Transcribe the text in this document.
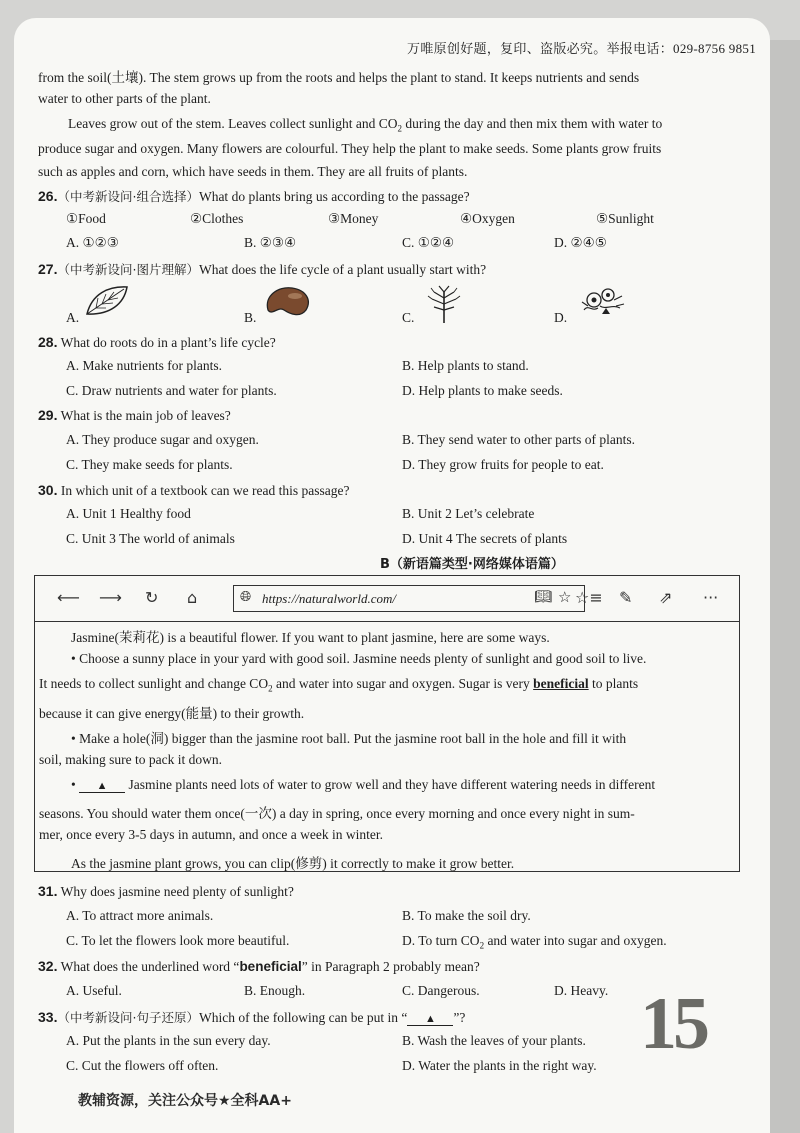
万唯原创好题，复印、盗版必究。举报电话：029-8756 9851
from the soil(土壤). The stem grows up from the roots and helps the plant to stand. It keeps nutrients and sends
water to other parts of the plant.
Leaves grow out of the stem. Leaves collect sunlight and $CO_2$ during the day and then mix them with water to
produce sugar and oxygen. Many flowers are colourful. They help the plant to make seeds. Some plants grow fruits
such as apples and corn, which have seeds in them. They are all fruits of plants.
26.（中考新设问·组合选择）What do plants bring us according to the passage?
①Food	②Clothes	③Money	④Oxygen	⑤Sunlight
A. ①②③	B. ②③④	C. ①②④	D. ②④⑤
27.（中考新设问·图片理解）What does the life cycle of a plant usually start with?
A.	B.	C.	D.
28. What do roots do in a plant’s life cycle?
A. Make nutrients for plants.	B. Help plants to stand.
C. Draw nutrients and water for plants.	D. Help plants to make seeds.
29. What is the main job of leaves?
A. They produce sugar and oxygen.	B. They send water to other parts of plants.
C. They make seeds for plants.	D. They grow fruits for people to eat.
30. In which unit of a textbook can we read this passage?
A. Unit 1 Healthy food	B. Unit 2 Let’s celebrate
C. Unit 3 The world of animals	D. Unit 4 The secrets of plants
B（新语篇类型·网络媒体语篇）
⟵ ⟶ ↻ ⌂	🌐︎ https://naturalworld.com/	📖︎ ☆ ☆≡ ✎ ⇗ ···
Jasmine(茉莉花) is a beautiful flower. If you want to plant jasmine, here are some ways.
• Choose a sunny place in your yard with good soil. Jasmine needs plenty of sunlight and good soil to live.
It needs to collect sunlight and change $CO_2$ and water into sugar and oxygen. Sugar is very beneficial to plants
because it can give energy(能量) to their growth.
• Make a hole(洞) bigger than the jasmine root ball. Put the jasmine root ball in the hole and fill it with
soil, making sure to pack it down.
• ▲ Jasmine plants need lots of water to grow well and they have different watering needs in different
seasons. You should water them once(一次) a day in spring, once every morning and once every night in sum-
mer, once every 3-5 days in autumn, and once a week in winter.
As the jasmine plant grows, you can clip(修剪) it correctly to make it grow better.
31. Why does jasmine need plenty of sunlight?
A. To attract more animals.	B. To make the soil dry.
C. To let the flowers look more beautiful.	D. To turn $CO_2$ and water into sugar and oxygen.
32. What does the underlined word “beneficial” in Paragraph 2 probably mean?
A. Useful.	B. Enough.	C. Dangerous.	D. Heavy.
33.（中考新设问·句子还原）Which of the following can be put in “ ▲ ”?
A. Put the plants in the sun every day.	B. Wash the leaves of your plants.
C. Cut the flowers off often.	D. Water the plants in the right way.
15
教辅资源，关注公众号★全科AA+
